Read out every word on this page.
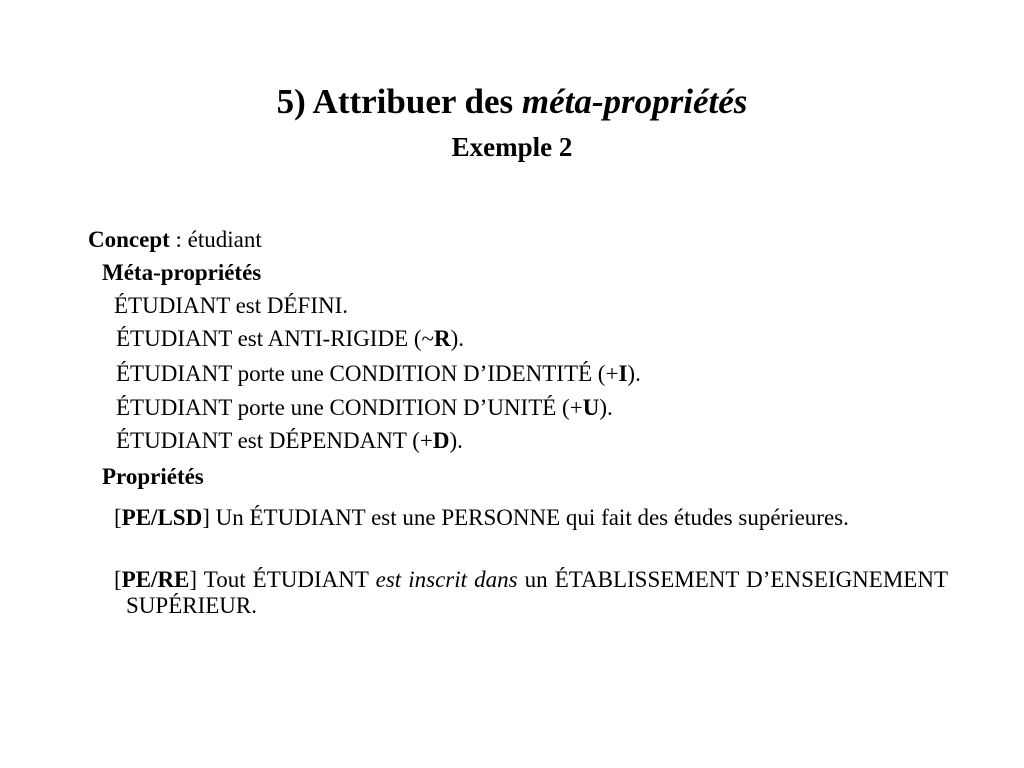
5) Attribuer des méta-propriétés
Exemple 2
Concept : étudiant
Méta-propriétés
ÉTUDIANT est DÉFINI.
ÉTUDIANT est ANTI-RIGIDE (~R).
ÉTUDIANT porte une CONDITION D’IDENTITÉ (+I).
ÉTUDIANT porte une CONDITION D’UNITÉ (+U).
ÉTUDIANT est DÉPENDANT (+D).
Propriétés
[PE/LSD] Un ÉTUDIANT est une PERSONNE qui fait des études supérieures.
[PE/RE] Tout ÉTUDIANT est inscrit dans un ÉTABLISSEMENT D’ENSEIGNEMENT SUPÉRIEUR.
